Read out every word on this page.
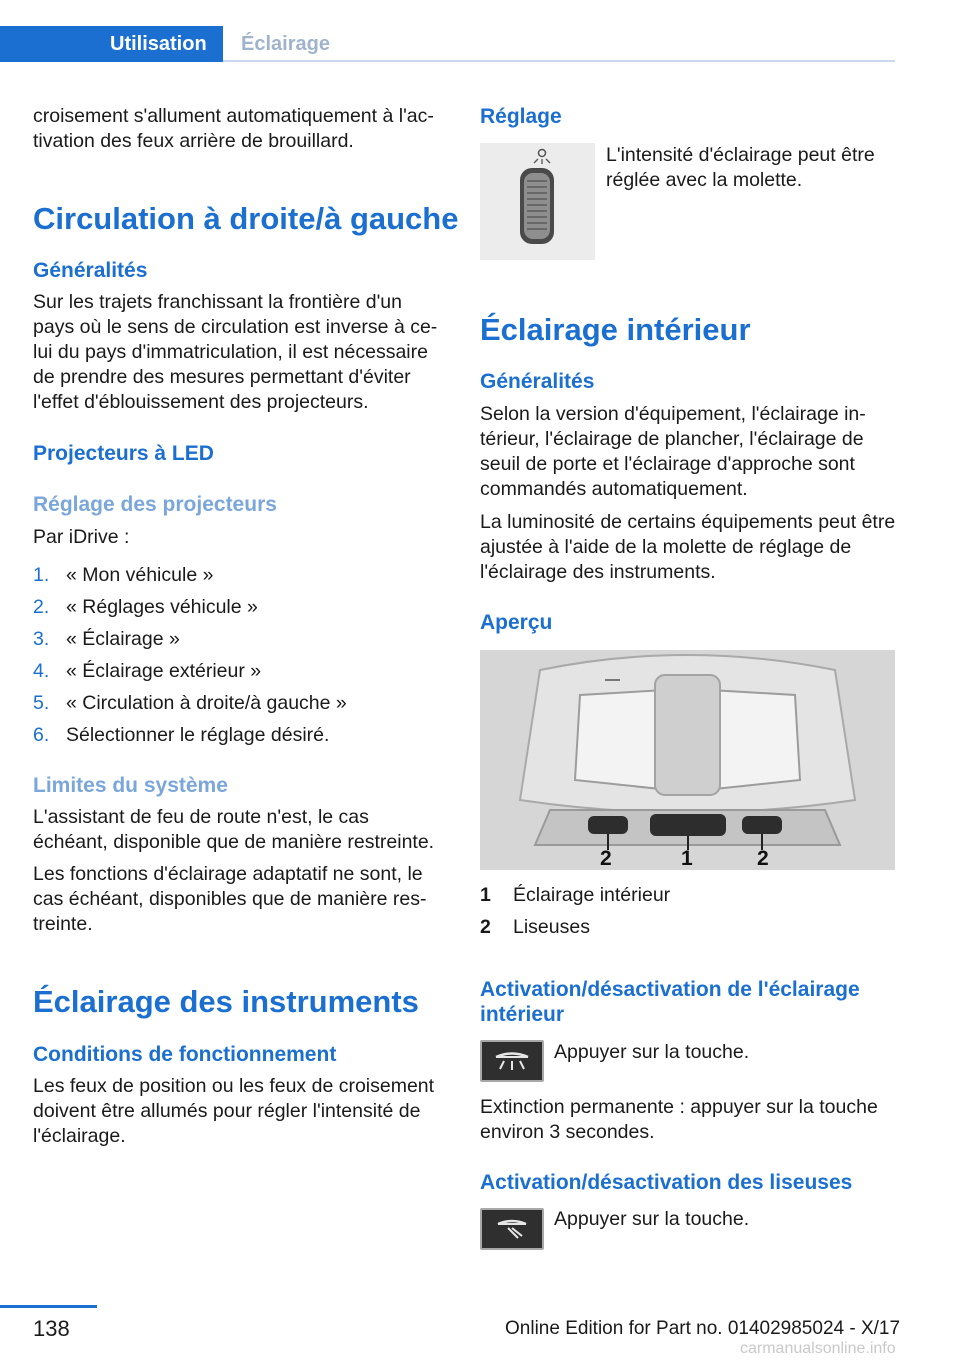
Utilisation	Éclairage

croisement s'allument automatiquement à l'ac‐tivation des feux arrière de brouillard.

Circulation à droite/à gauche
Généralités

Sur les trajets franchissant la frontière d'un pays où le sens de circulation est inverse à ce‐lui du pays d'immatriculation, il est nécessaire de prendre des mesures permettant d'éviter l'effet d'éblouissement des projecteurs.

Projecteurs à LED
Réglage des projecteurs

Par iDrive :

1. « Mon véhicule »
2. « Réglages véhicule »
3. « Éclairage »
4. « Éclairage extérieur »
5. « Circulation à droite/à gauche »
6. Sélectionner le réglage désiré.
Limites du système

L'assistant de feu de route n'est, le cas échéant, disponible que de manière restreinte.

Les fonctions d'éclairage adaptatif ne sont, le cas échéant, disponibles que de manière res‐treinte.

Éclairage des instruments
Conditions de fonctionnement

Les feux de position ou les feux de croisement doivent être allumés pour régler l'intensité de l'éclairage.

Réglage

L'intensité d'éclairage peut être réglée avec la molette.

Éclairage intérieur
Généralités

Selon la version d'équipement, l'éclairage in‐térieur, l'éclairage de plancher, l'éclairage de seuil de porte et l'éclairage d'approche sont commandés automatiquement.

La luminosité de certains équipements peut être ajustée à l'aide de la molette de réglage de l'éclairage des instruments.

Aperçu
2	1	2
1 Éclairage intérieur
2 Liseuses
Activation/désactivation de l'éclairage intérieur

Appuyer sur la touche.

Extinction permanente : appuyer sur la touche environ 3 secondes.

Activation/désactivation des liseuses

Appuyer sur la touche.

138	Online Edition for Part no. 01402985024 - X/17
carmanualsonline.info
